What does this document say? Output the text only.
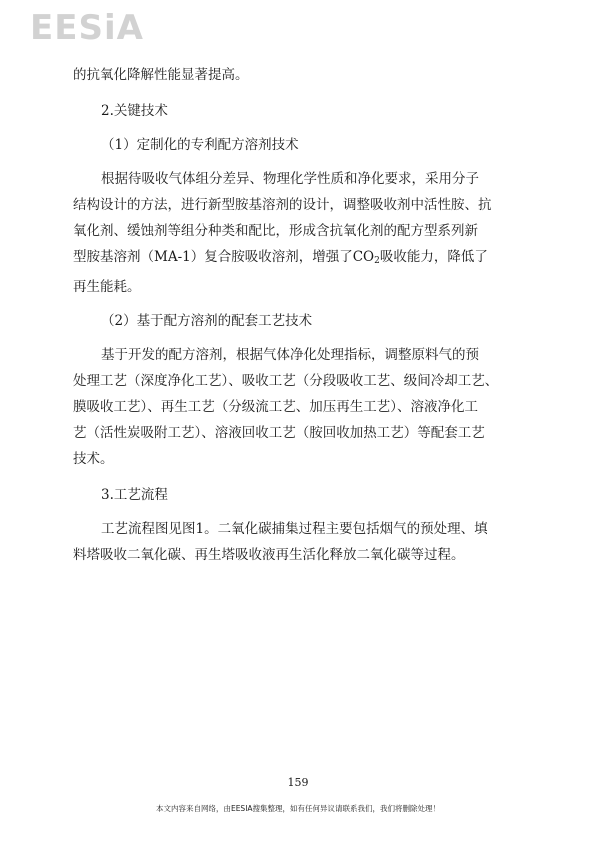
EESiA

的抗氧化降解性能显著提高。

2.关键技术

（1）定制化的专利配方溶剂技术

根据待吸收气体组分差异、物理化学性质和净化要求，采用分子

结构设计的方法，进行新型胺基溶剂的设计，调整吸收剂中活性胺、抗

氧化剂、缓蚀剂等组分种类和配比，形成含抗氧化剂的配方型系列新

型胺基溶剂（MA-1）复合胺吸收溶剂，增强了CO2吸收能力，降低了

再生能耗。

（2）基于配方溶剂的配套工艺技术

基于开发的配方溶剂，根据气体净化处理指标，调整原料气的预

处理工艺（深度净化工艺）、吸收工艺（分段吸收工艺、级间冷却工艺、

膜吸收工艺）、再生工艺（分级流工艺、加压再生工艺）、溶液净化工

艺（活性炭吸附工艺）、溶液回收工艺（胺回收加热工艺）等配套工艺

技术。

3.工艺流程

工艺流程图见图1。二氧化碳捕集过程主要包括烟气的预处理、填

料塔吸收二氧化碳、再生塔吸收液再生活化释放二氧化碳等过程。

159
本文内容来自网络，由EESIA搜集整理，如有任何异议请联系我们，我们将删除处理！
